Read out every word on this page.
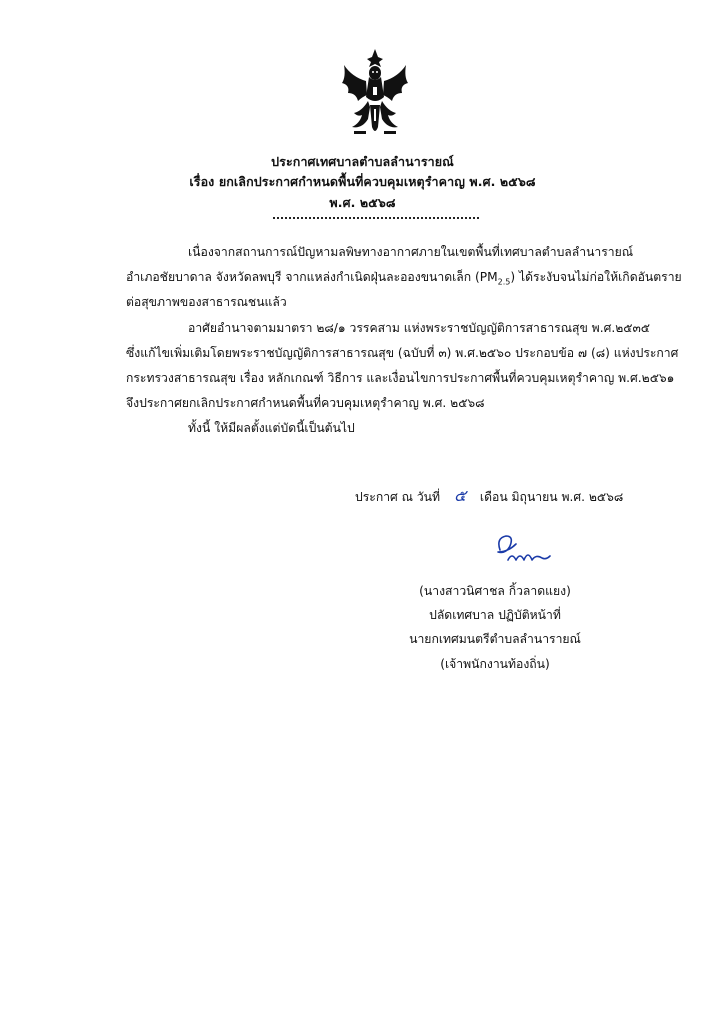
ประกาศเทศบาลตำบลลำนารายณ์
เรื่อง ยกเลิกประกาศกำหนดพื้นที่ควบคุมเหตุรำคาญ พ.ศ. ๒๕๖๘
พ.ศ. ๒๕๖๘
เนื่องจากสถานการณ์ปัญหามลพิษทางอากาศภายในเขตพื้นที่เทศบาลตำบลลำนารายณ์
อำเภอชัยบาดาล จังหวัดลพบุรี จากแหล่งกำเนิดฝุ่นละอองขนาดเล็ก $(PM_{2.5})$ ได้ระงับจนไม่ก่อให้เกิดอันตราย
ต่อสุขภาพของสาธารณชนแล้ว
อาศัยอำนาจตามมาตรา ๒๘/๑ วรรคสาม แห่งพระราชบัญญัติการสาธารณสุข พ.ศ.๒๕๓๕
ซึ่งแก้ไขเพิ่มเติมโดยพระราชบัญญัติการสาธารณสุข (ฉบับที่ ๓) พ.ศ.๒๕๖๐ ประกอบข้อ ๗ (๘) แห่งประกาศ
กระทรวงสาธารณสุข เรื่อง หลักเกณฑ์ วิธีการ และเงื่อนไขการประกาศพื้นที่ควบคุมเหตุรำคาญ พ.ศ.๒๕๖๑
จึงประกาศยกเลิกประกาศกำหนดพื้นที่ควบคุมเหตุรำคาญ พ.ศ. ๒๕๖๘
ทั้งนี้ ให้มีผลตั้งแต่บัดนี้เป็นต้นไป
ประกาศ ณ วันที่ ๕ เดือน มิถุนายน พ.ศ. ๒๕๖๘
(นางสาวนิศาชล กิ้วลาดแยง)
ปลัดเทศบาล ปฏิบัติหน้าที่
นายกเทศมนตรีตำบลลำนารายณ์
(เจ้าพนักงานท้องถิ่น)
